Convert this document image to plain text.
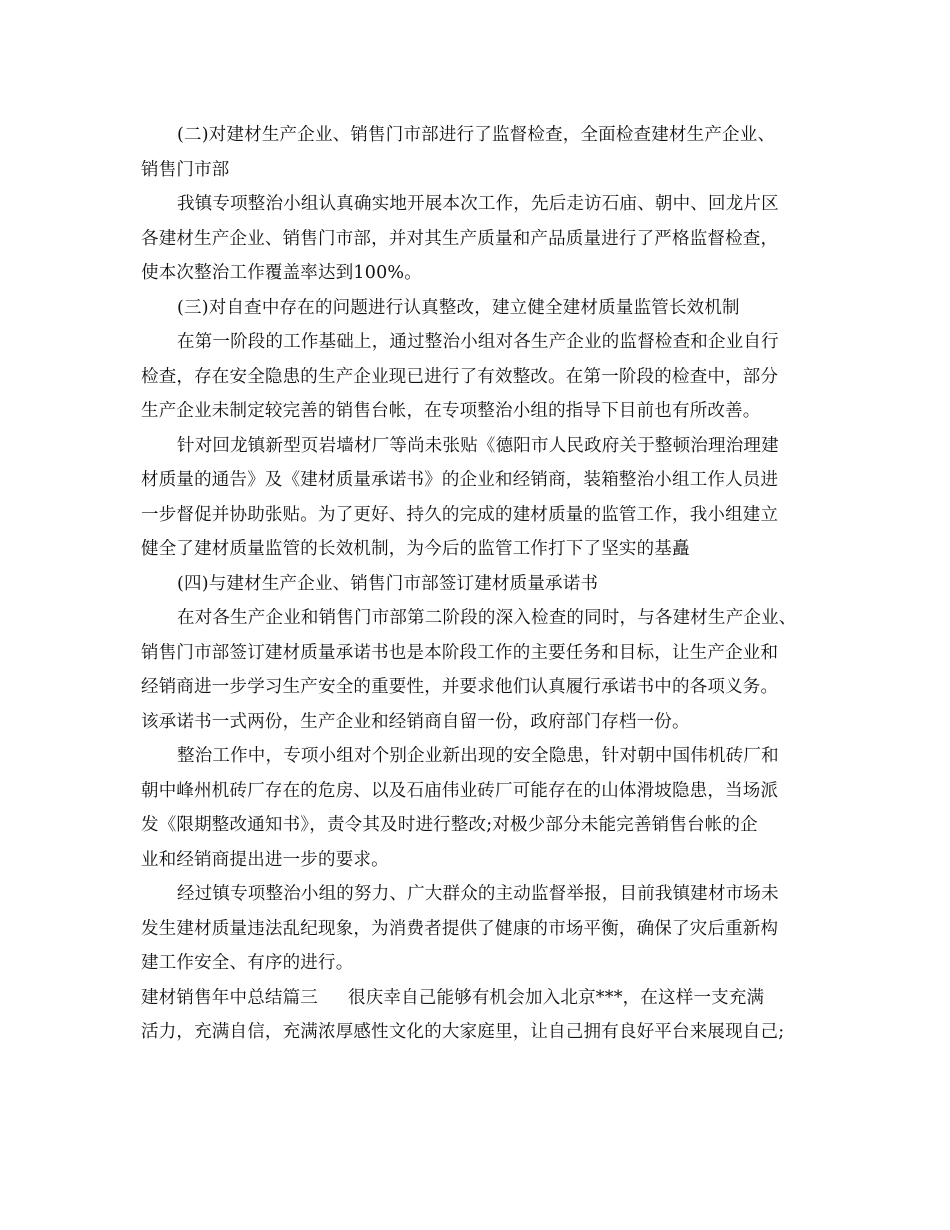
(二)对建材生产企业、销售门市部进行了监督检查，全面检查建材生产企业、
销售门市部
我镇专项整治小组认真确实地开展本次工作，先后走访石庙、朝中、回龙片区
各建材生产企业、销售门市部，并对其生产质量和产品质量进行了严格监督检查，
使本次整治工作覆盖率达到100%。
(三)对自查中存在的问题进行认真整改，建立健全建材质量监管长效机制
在第一阶段的工作基础上，通过整治小组对各生产企业的监督检查和企业自行
检查，存在安全隐患的生产企业现已进行了有效整改。在第一阶段的检查中，部分
生产企业未制定较完善的销售台帐，在专项整治小组的指导下目前也有所改善。
针对回龙镇新型页岩墙材厂等尚未张贴《德阳市人民政府关于整顿治理治理建
材质量的通告》及《建材质量承诺书》的企业和经销商，装箱整治小组工作人员进
一步督促并协助张贴。为了更好、持久的完成的建材质量的监管工作，我小组建立
健全了建材质量监管的长效机制，为今后的监管工作打下了坚实的基矗
(四)与建材生产企业、销售门市部签订建材质量承诺书
在对各生产企业和销售门市部第二阶段的深入检查的同时，与各建材生产企业、
销售门市部签订建材质量承诺书也是本阶段工作的主要任务和目标，让生产企业和
经销商进一步学习生产安全的重要性，并要求他们认真履行承诺书中的各项义务。
该承诺书一式两份，生产企业和经销商自留一份，政府部门存档一份。
整治工作中，专项小组对个别企业新出现的安全隐患，针对朝中国伟机砖厂和
朝中峰州机砖厂存在的危房、以及石庙伟业砖厂可能存在的山体滑坡隐患，当场派
发《限期整改通知书》，责令其及时进行整改;对极少部分未能完善销售台帐的企
业和经销商提出进一步的要求。
经过镇专项整治小组的努力、广大群众的主动监督举报，目前我镇建材市场未
发生建材质量违法乱纪现象，为消费者提供了健康的市场平衡，确保了灾后重新构
建工作安全、有序的进行。
建材销售年中总结篇三 很庆幸自己能够有机会加入北京***，在这样一支充满
活力，充满自信，充满浓厚感性文化的大家庭里，让自己拥有良好平台来展现自己;
